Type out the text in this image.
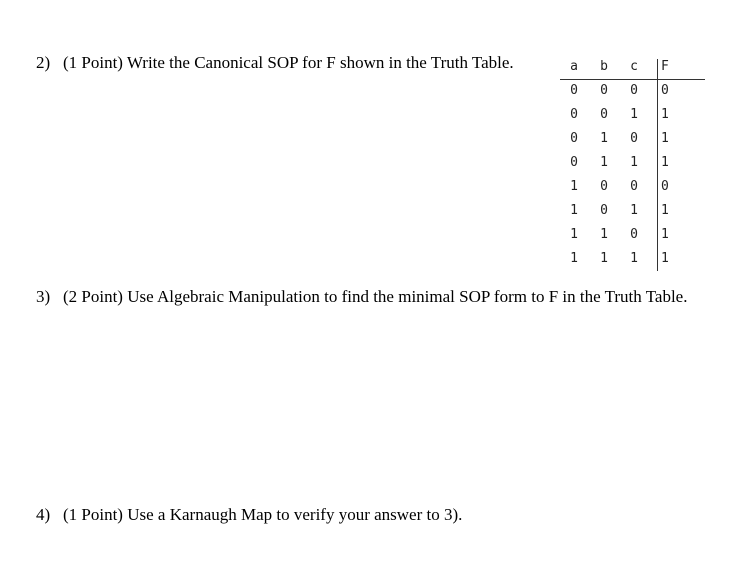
2) (1 Point) Write the Canonical SOP for F shown in the Truth Table.	a	b	c	F
0	0	0	0
0	0	1	1
0	1	0	1
0	1	1	1
1	0	0	0
1	0	1	1
1	1	0	1
1	1	1	1
3) (2 Point) Use Algebraic Manipulation to find the minimal SOP form to F in the Truth Table.
4) (1 Point) Use a Karnaugh Map to verify your answer to 3).
